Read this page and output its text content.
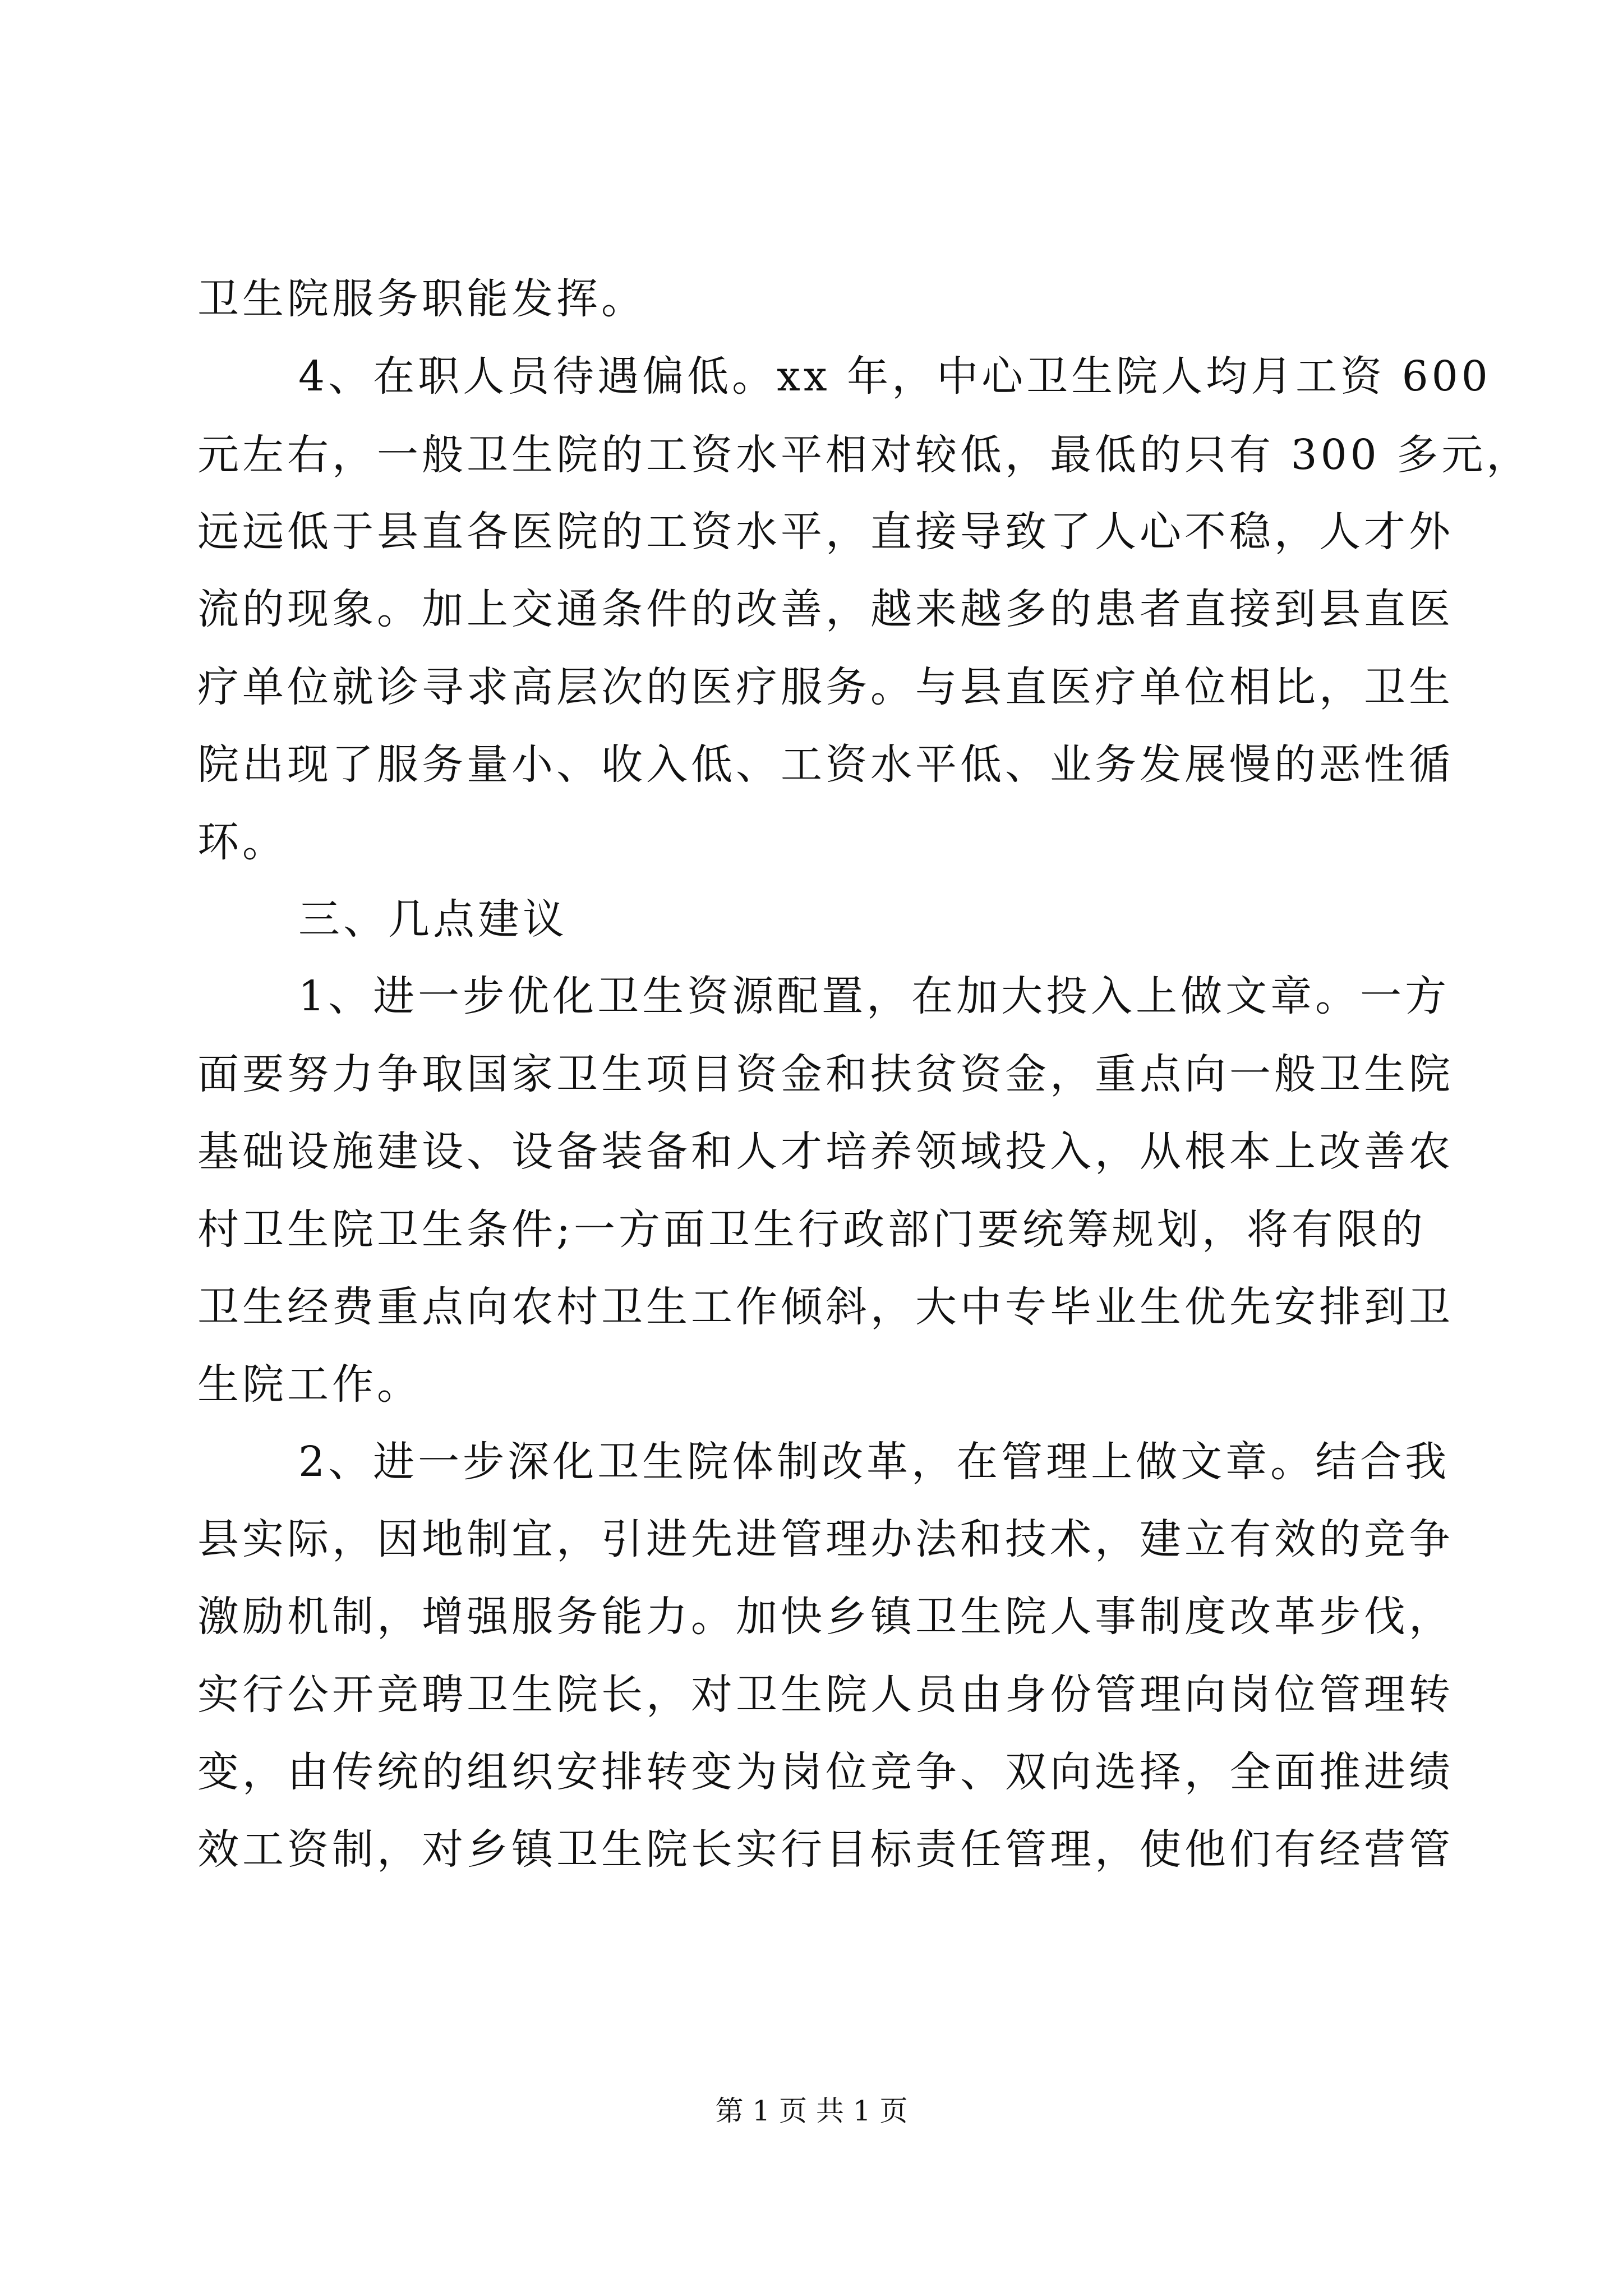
卫生院服务职能发挥。
4、在职人员待遇偏低。xx 年，中心卫生院人均月工资 600
元左右，一般卫生院的工资水平相对较低，最低的只有 300 多元，
远远低于县直各医院的工资水平，直接导致了人心不稳，人才外
流的现象。加上交通条件的改善，越来越多的患者直接到县直医
疗单位就诊寻求高层次的医疗服务。与县直医疗单位相比，卫生
院出现了服务量小、收入低、工资水平低、业务发展慢的恶性循
环。
三、几点建议
1、进一步优化卫生资源配置，在加大投入上做文章。一方
面要努力争取国家卫生项目资金和扶贫资金，重点向一般卫生院
基础设施建设、设备装备和人才培养领域投入，从根本上改善农
村卫生院卫生条件;一方面卫生行政部门要统筹规划，将有限的
卫生经费重点向农村卫生工作倾斜，大中专毕业生优先安排到卫
生院工作。
2、进一步深化卫生院体制改革，在管理上做文章。结合我
县实际，因地制宜，引进先进管理办法和技术，建立有效的竞争
激励机制，增强服务能力。加快乡镇卫生院人事制度改革步伐，
实行公开竞聘卫生院长，对卫生院人员由身份管理向岗位管理转
变，由传统的组织安排转变为岗位竞争、双向选择，全面推进绩
效工资制，对乡镇卫生院长实行目标责任管理，使他们有经营管
第 1 页 共 1 页
